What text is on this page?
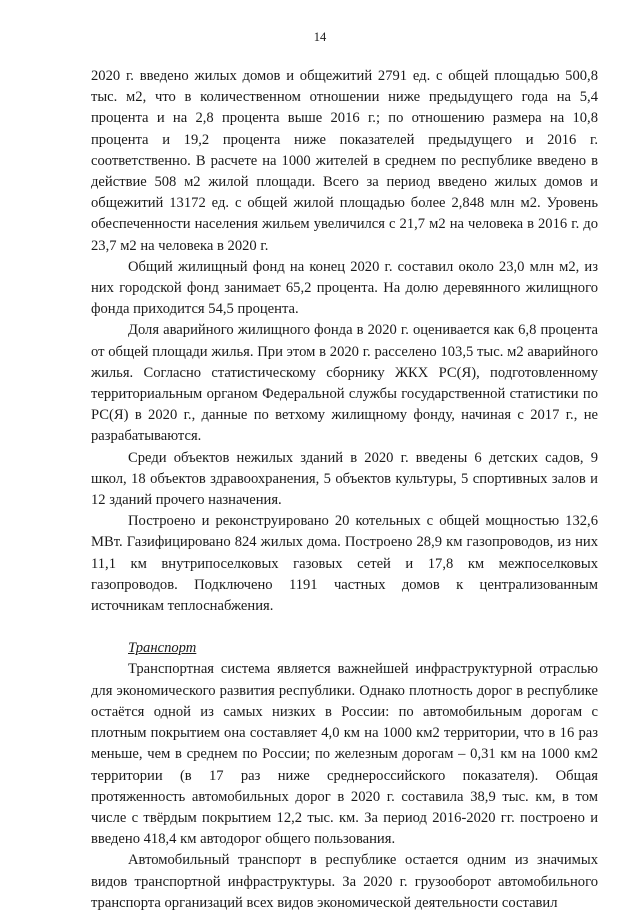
14

2020 г. введено жилых домов и общежитий 2791 ед. с общей площадью 500,8 тыс. м2, что в количественном отношении ниже предыдущего года на 5,4 процента и на 2,8 процента выше 2016 г.; по отношению размера на 10,8 процента и 19,2 процента ниже показателей предыдущего и 2016 г. соответственно. В расчете на 1000 жителей в среднем по республике введено в действие 508 м2 жилой площади. Всего за период введено жилых домов и общежитий 13172 ед. с общей жилой площадью более 2,848 млн м2. Уровень обеспеченности населения жильем увеличился с 21,7 м2 на человека в 2016 г. до 23,7 м2 на человека в 2020 г.

Общий жилищный фонд на конец 2020 г. составил около 23,0 млн м2, из них городской фонд занимает 65,2 процента. На долю деревянного жилищного фонда приходится 54,5 процента.

Доля аварийного жилищного фонда в 2020 г. оценивается как 6,8 процента от общей площади жилья. При этом в 2020 г. расселено 103,5 тыс. м2 аварийного жилья. Согласно статистическому сборнику ЖКХ РС(Я), подготовленному территориальным органом Федеральной службы государственной статистики по РС(Я) в 2020 г., данные по ветхому жилищному фонду, начиная с 2017 г., не разрабатываются.

Среди объектов нежилых зданий в 2020 г. введены 6 детских садов, 9 школ, 18 объектов здравоохранения, 5 объектов культуры, 5 спортивных залов и 12 зданий прочего назначения.

Построено и реконструировано 20 котельных с общей мощностью 132,6 МВт. Газифицировано 824 жилых дома. Построено 28,9 км газопроводов, из них 11,1 км внутрипоселковых газовых сетей и 17,8 км межпоселковых газопроводов. Подключено 1191 частных домов к централизованным источникам теплоснабжения.

Транспорт

Транспортная система является важнейшей инфраструктурной отраслью для экономического развития республики. Однако плотность дорог в республике остаётся одной из самых низких в России: по автомобильным дорогам с плотным покрытием она составляет 4,0 км на 1000 км2 территории, что в 16 раз меньше, чем в среднем по России; по железным дорогам – 0,31 км на 1000 км2 территории (в 17 раз ниже среднероссийского показателя). Общая протяженность автомобильных дорог в 2020 г. составила 38,9 тыс. км, в том числе с твёрдым покрытием 12,2 тыс. км. За период 2016-2020 гг. построено и введено 418,4 км автодорог общего пользования.

Автомобильный транспорт в республике остается одним из значимых видов транспортной инфраструктуры. За 2020 г. грузооборот автомобильного транспорта организаций всех видов экономической деятельности составил
